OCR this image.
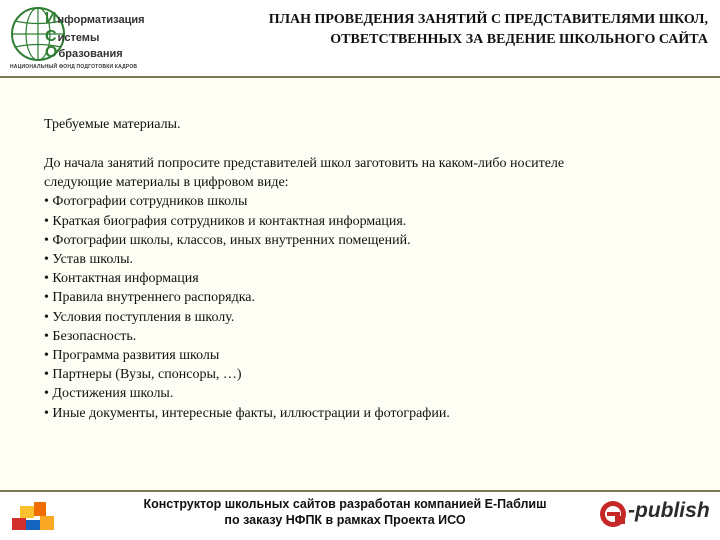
Информатизация
Системы
Образования
НАЦИОНАЛЬНЫЙ ФОНД ПОДГОТОВКИ КАДРОВ
ПЛАН ПРОВЕДЕНИЯ ЗАНЯТИЙ С ПРЕДСТАВИТЕЛЯМИ ШКОЛ,
ОТВЕТСТВЕННЫХ ЗА ВЕДЕНИЕ ШКОЛЬНОГО САЙТА
Требуемые материалы.

До начала занятий попросите представителей школ заготовить на каком-либо носителе

следующие материалы в цифровом виде:

• Фотографии сотрудников школы
• Краткая биография сотрудников и контактная информация.
• Фотографии школы, классов, иных внутренних помещений.
• Устав школы.
• Контактная информация
• Правила внутреннего распорядка.
• Условия поступления в школу.
• Безопасность.
• Программа развития школы
• Партнеры (Вузы, спонсоры, …)
• Достижения школы.
• Иные документы, интересные факты, иллюстрации и фотографии.
Конструктор школьных сайтов разработан компанией Е-Паблиш
по заказу НФПК в рамках Проекта ИСО	-publish
